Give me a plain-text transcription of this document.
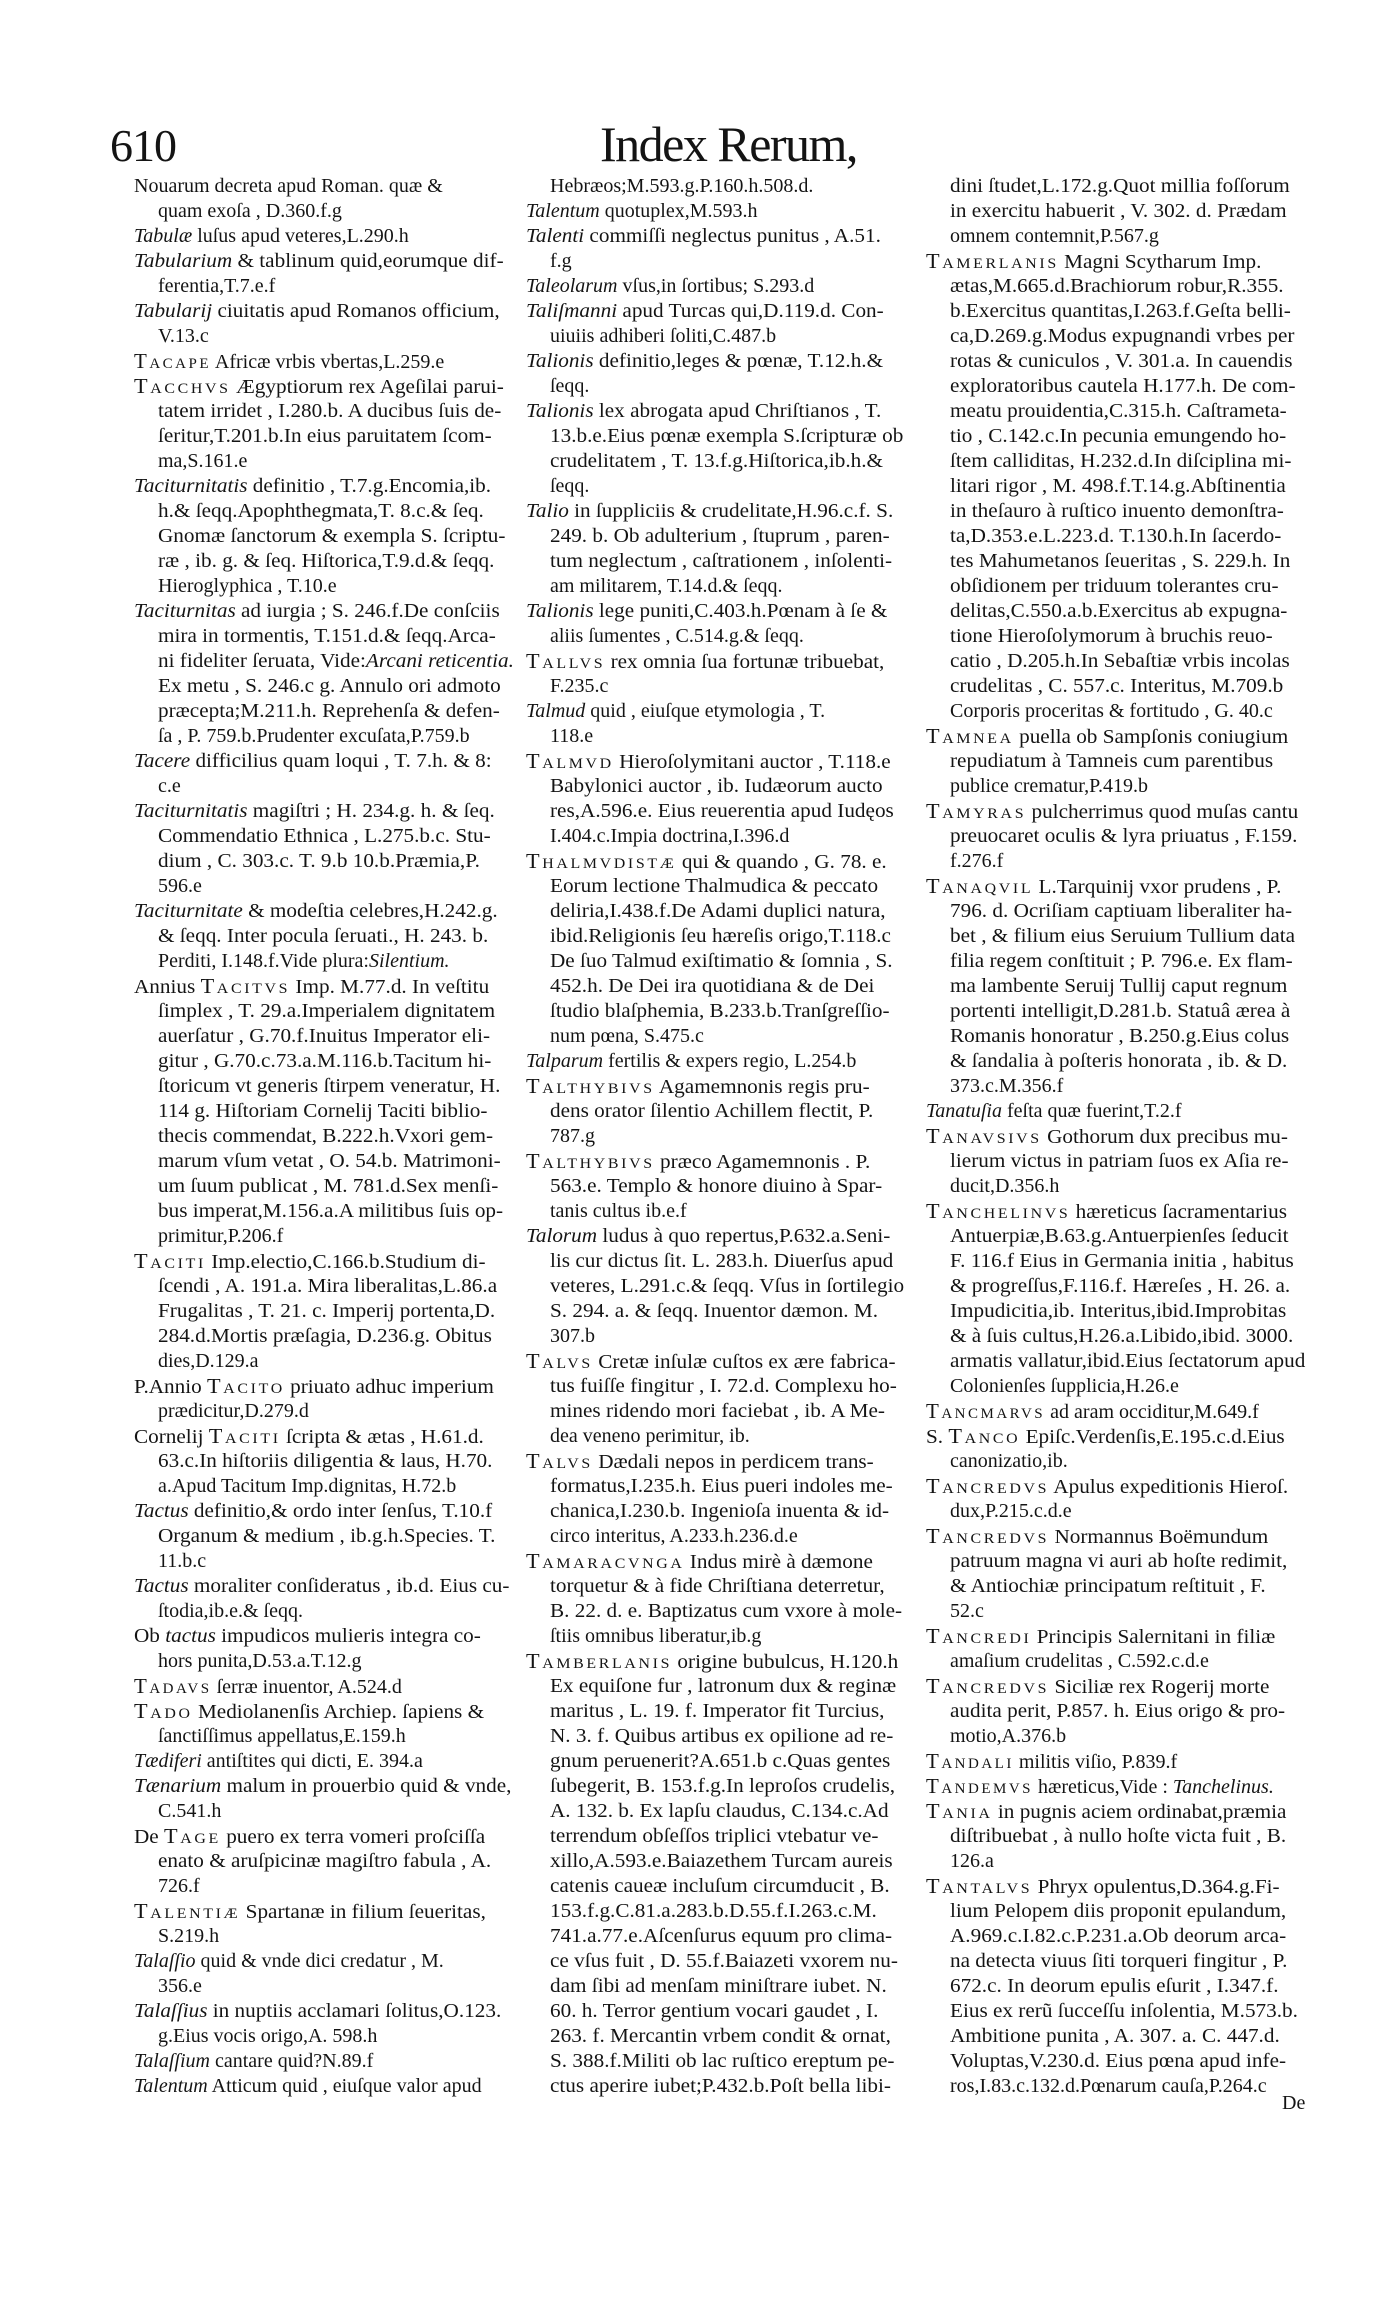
610	Index Rerum,
Nouarum decreta apud Roman. quæ &
quam exoſa , D.360.f.g
Tabulæ luſus apud veteres,L.290.h
Tabularium & tablinum quid,eorumque dif-
ferentia,T.7.e.f
Tabularij ciuitatis apud Romanos officium,
V.13.c
Tacape Africæ vrbis vbertas,L.259.e
Tacchvs Ægyptiorum rex Ageſilai parui-
tatem irridet , I.280.b. A ducibus ſuis de-
ſeritur,T.201.b.In eius paruitatem ſcom-
ma,S.161.e
Taciturnitatis definitio , T.7.g.Encomia,ib.
h.& ſeqq.Apophthegmata,T. 8.c.& ſeq.
Gnomæ ſanctorum & exempla S. ſcriptu-
ræ , ib. g. & ſeq. Hiſtorica,T.9.d.& ſeqq.
Hieroglyphica , T.10.e
Taciturnitas ad iurgia ; S. 246.f.De conſciis
mira in tormentis, T.151.d.& ſeqq.Arca-
ni fideliter ſeruata, Vide:Arcani reticentia.
Ex metu , S. 246.c g. Annulo ori admoto
præcepta;M.211.h. Reprehenſa & defen-
ſa , P. 759.b.Prudenter excuſata,P.759.b
Tacere difficilius quam loqui , T. 7.h. & 8:
c.e
Taciturnitatis magiſtri ; H. 234.g. h. & ſeq.
Commendatio Ethnica , L.275.b.c. Stu-
dium , C. 303.c. T. 9.b 10.b.Præmia,P.
596.e
Taciturnitate & modeſtia celebres,H.242.g.
& ſeqq. Inter pocula ſeruati., H. 243. b.
Perditi, I.148.f.Vide plura:Silentium.
Annius Tacitvs Imp. M.77.d. In veſtitu
ſimplex , T. 29.a.Imperialem dignitatem
auerſatur , G.70.f.Inuitus Imperator eli-
gitur , G.70.c.73.a.M.116.b.Tacitum hi-
ſtoricum vt generis ſtirpem veneratur, H.
114 g. Hiſtoriam Cornelij Taciti biblio-
thecis commendat, B.222.h.Vxori gem-
marum vſum vetat , O. 54.b. Matrimoni-
um ſuum publicat , M. 781.d.Sex menſi-
bus imperat,M.156.a.A militibus ſuis op-
primitur,P.206.f
Taciti Imp.electio,C.166.b.Studium di-
ſcendi , A. 191.a. Mira liberalitas,L.86.a
Frugalitas , T. 21. c. Imperij portenta,D.
284.d.Mortis præſagia, D.236.g. Obitus
dies,D.129.a
P.Annio Tacito priuato adhuc imperium
prædicitur,D.279.d
Cornelij Taciti ſcripta & ætas , H.61.d.
63.c.In hiſtoriis diligentia & laus, H.70.
a.Apud Tacitum Imp.dignitas, H.72.b
Tactus definitio,& ordo inter ſenſus, T.10.f
Organum & medium , ib.g.h.Species. T.
11.b.c
Tactus moraliter conſideratus , ib.d. Eius cu-
ſtodia,ib.e.& ſeqq.
Ob tactus impudicos mulieris integra co-
hors punita,D.53.a.T.12.g
Tadavs ſerræ inuentor, A.524.d
Tado Mediolanenſis Archiep. ſapiens &
ſanctiſſimus appellatus,E.159.h
Tædiferi antiſtites qui dicti, E. 394.a
Tænarium malum in prouerbio quid & vnde,
C.541.h
De Tage puero ex terra vomeri proſciſſa
enato & aruſpicinæ magiſtro fabula , A.
726.f
Talentiæ Spartanæ in filium ſeueritas,
S.219.h
Talaſſio quid & vnde dici credatur , M.
356.e
Talaſſius in nuptiis acclamari ſolitus,O.123.
g.Eius vocis origo,A. 598.h
Talaſſium cantare quid?N.89.f
Talentum Atticum quid , eiuſque valor apud
Hebræos;M.593.g.P.160.h.508.d.
Talentum quotuplex,M.593.h
Talenti commiſſi neglectus punitus , A.51.
f.g
Taleolarum vſus,in ſortibus; S.293.d
Taliſmanni apud Turcas qui,D.119.d. Con-
uiuiis adhiberi ſoliti,C.487.b
Talionis definitio,leges & pœnæ, T.12.h.&
ſeqq.
Talionis lex abrogata apud Chriſtianos , T.
13.b.e.Eius pœnæ exempla S.ſcripturæ ob
crudelitatem , T. 13.f.g.Hiſtorica,ib.h.&
ſeqq.
Talio in ſuppliciis & crudelitate,H.96.c.f. S.
249. b. Ob adulterium , ſtuprum , paren-
tum neglectum , caſtrationem , inſolenti-
am militarem, T.14.d.& ſeqq.
Talionis lege puniti,C.403.h.Pœnam à ſe &
aliis ſumentes , C.514.g.& ſeqq.
Tallvs rex omnia ſua fortunæ tribuebat,
F.235.c
Talmud quid , eiuſque etymologia , T.
118.e
Talmvd Hieroſolymitani auctor , T.118.e
Babylonici auctor , ib. Iudæorum aucto
res,A.596.e. Eius reuerentia apud Iudęos
I.404.c.Impia doctrina,I.396.d
Thalmvdistæ qui & quando , G. 78. e.
Eorum lectione Thalmudica & peccato
deliria,I.438.f.De Adami duplici natura,
ibid.Religionis ſeu hæreſis origo,T.118.c
De ſuo Talmud exiſtimatio & ſomnia , S.
452.h. De Dei ira quotidiana & de Dei
ſtudio blaſphemia, B.233.b.Tranſgreſſio-
num pœna, S.475.c
Talparum fertilis & expers regio, L.254.b
Talthybivs Agamemnonis regis pru-
dens orator ſilentio Achillem flectit, P.
787.g
Talthybivs præco Agamemnonis . P.
563.e. Templo & honore diuino à Spar-
tanis cultus ib.e.f
Talorum ludus à quo repertus,P.632.a.Seni-
lis cur dictus ſit. L. 283.h. Diuerſus apud
veteres, L.291.c.& ſeqq. Vſus in ſortilegio
S. 294. a. & ſeqq. Inuentor dæmon. M.
307.b
Talvs Cretæ inſulæ cuſtos ex ære fabrica-
tus fuiſſe fingitur , I. 72.d. Complexu ho-
mines ridendo mori faciebat , ib. A Me-
dea veneno perimitur, ib.
Talvs Dædali nepos in perdicem trans-
formatus,I.235.h. Eius pueri indoles me-
chanica,I.230.b. Ingenioſa inuenta & id-
circo interitus, A.233.h.236.d.e
Tamaracvnga Indus mirè à dæmone
torquetur & à fide Chriſtiana deterretur,
B. 22. d. e. Baptizatus cum vxore à mole-
ſtiis omnibus liberatur,ib.g
Tamberlanis origine bubulcus, H.120.h
Ex equiſone fur , latronum dux & reginæ
maritus , L. 19. f. Imperator fit Turcius,
N. 3. f. Quibus artibus ex opilione ad re-
gnum peruenerit?A.651.b c.Quas gentes
ſubegerit, B. 153.f.g.In leproſos crudelis,
A. 132. b. Ex lapſu claudus, C.134.c.Ad
terrendum obſeſſos triplici vtebatur ve-
xillo,A.593.e.Baiazethem Turcam aureis
catenis caueæ incluſum circumducit , B.
153.f.g.C.81.a.283.b.D.55.f.I.263.c.M.
741.a.77.e.Aſcenſurus equum pro clima-
ce vſus fuit , D. 55.f.Baiazeti vxorem nu-
dam ſibi ad menſam miniſtrare iubet. N.
60. h. Terror gentium vocari gaudet , I.
263. f. Mercantin vrbem condit & ornat,
S. 388.f.Militi ob lac ruſtico ereptum pe-
ctus aperire iubet;P.432.b.Poſt bella libi-
dini ſtudet,L.172.g.Quot millia foſſorum
in exercitu habuerit , V. 302. d. Prædam
omnem contemnit,P.567.g
Tamerlanis Magni Scytharum Imp.
ætas,M.665.d.Brachiorum robur,R.355.
b.Exercitus quantitas,I.263.f.Geſta belli-
ca,D.269.g.Modus expugnandi vrbes per
rotas & cuniculos , V. 301.a. In cauendis
exploratoribus cautela H.177.h. De com-
meatu prouidentia,C.315.h. Caſtrameta-
tio , C.142.c.In pecunia emungendo ho-
ſtem calliditas, H.232.d.In diſciplina mi-
litari rigor , M. 498.f.T.14.g.Abſtinentia
in theſauro à ruſtico inuento demonſtra-
ta,D.353.e.L.223.d. T.130.h.In ſacerdo-
tes Mahumetanos ſeueritas , S. 229.h. In
obſidionem per triduum tolerantes cru-
delitas,C.550.a.b.Exercitus ab expugna-
tione Hieroſolymorum à bruchis reuo-
catio , D.205.h.In Sebaſtiæ vrbis incolas
crudelitas , C. 557.c. Interitus, M.709.b
Corporis proceritas & fortitudo , G. 40.c
Tamnea puella ob Sampſonis coniugium
repudiatum à Tamneis cum parentibus
publice crematur,P.419.b
Tamyras pulcherrimus quod muſas cantu
preuocaret oculis & lyra priuatus , F.159.
f.276.f
Tanaqvil L.Tarquinij vxor prudens , P.
796. d. Ocriſiam captiuam liberaliter ha-
bet , & filium eius Seruium Tullium data
filia regem conſtituit ; P. 796.e. Ex flam-
ma lambente Seruij Tullij caput regnum
portenti intelligit,D.281.b. Statuâ ærea à
Romanis honoratur , B.250.g.Eius colus
& ſandalia à poſteris honorata , ib. & D.
373.c.M.356.f
Tanatuſia feſta quæ fuerint,T.2.f
Tanavsivs Gothorum dux precibus mu-
lierum victus in patriam ſuos ex Aſia re-
ducit,D.356.h
Tanchelinvs hæreticus ſacramentarius
Antuerpiæ,B.63.g.Antuerpienſes ſeducit
F. 116.f Eius in Germania initia , habitus
& progreſſus,F.116.f. Hæreſes , H. 26. a.
Impudicitia,ib. Interitus,ibid.Improbitas
& à ſuis cultus,H.26.a.Libido,ibid. 3000.
armatis vallatur,ibid.Eius ſectatorum apud
Colonienſes ſupplicia,H.26.e
Tancmarvs ad aram occiditur,M.649.f
S. Tanco Epiſc.Verdenſis,E.195.c.d.Eius
canonizatio,ib.
Tancredvs Apulus expeditionis Hieroſ.
dux,P.215.c.d.e
Tancredvs Normannus Boëmundum
patruum magna vi auri ab hoſte redimit,
& Antiochiæ principatum reſtituit , F.
52.c
Tancredi Principis Salernitani in filiæ
amaſium crudelitas , C.592.c.d.e
Tancredvs Siciliæ rex Rogerij morte
audita perit, P.857. h. Eius origo & pro-
motio,A.376.b
Tandali militis viſio, P.839.f
Tandemvs hæreticus,Vide : Tanchelinus.
Tania in pugnis aciem ordinabat,præmia
diſtribuebat , à nullo hoſte victa fuit , B.
126.a
Tantalvs Phryx opulentus,D.364.g.Fi-
lium Pelopem diis proponit epulandum,
A.969.c.I.82.c.P.231.a.Ob deorum arca-
na detecta viuus ſiti torqueri fingitur , P.
672.c. In deorum epulis eſurit , I.347.f.
Eius ex rerũ ſucceſſu inſolentia, M.573.b.
Ambitione punita , A. 307. a. C. 447.d.
Voluptas,V.230.d. Eius pœna apud infe-
ros,I.83.c.132.d.Pœnarum cauſa,P.264.c
De
